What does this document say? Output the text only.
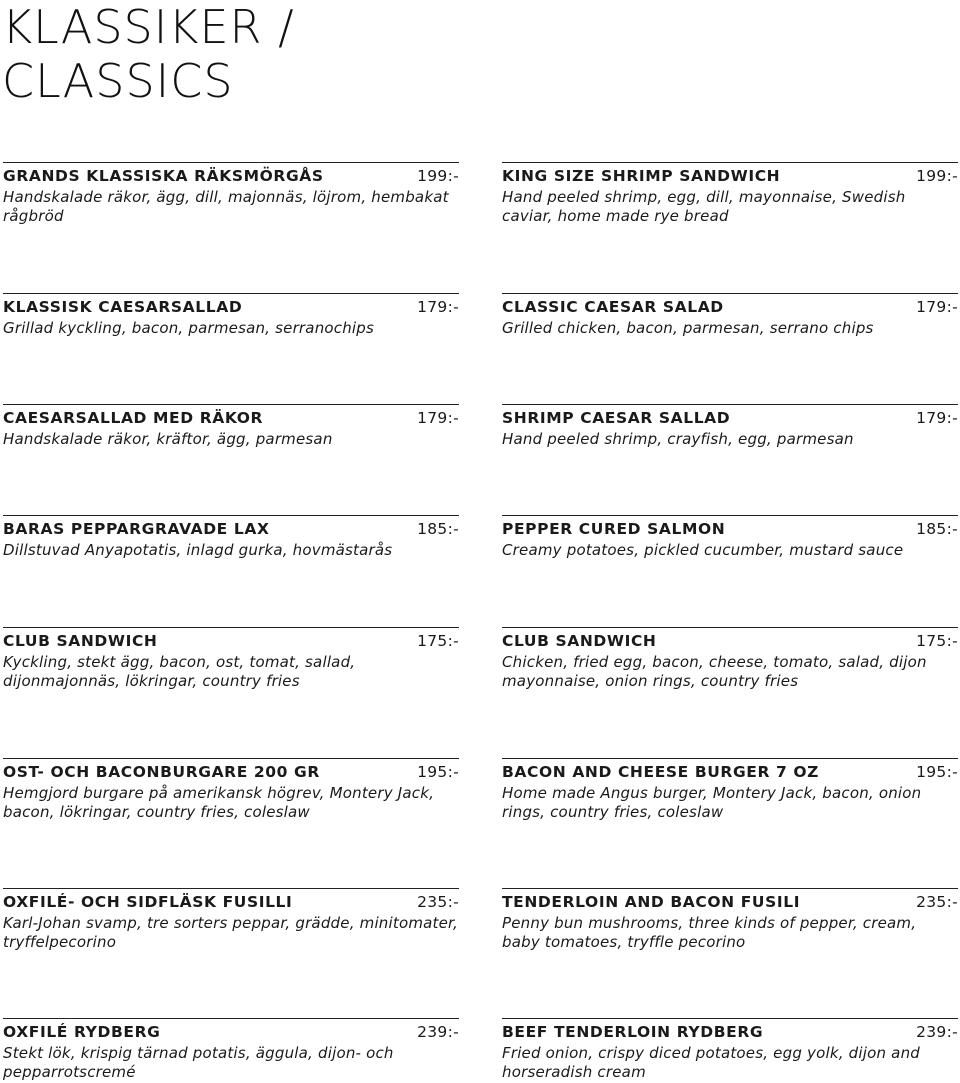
KLASSIKER /
CLASSICS
GRANDS KLASSISKA RÄKSMÖRGÅS	199:-
Handskalade räkor, ägg, dill, majonnäs, löjrom, hembakat rågbröd
KING SIZE SHRIMP SANDWICH	199:-
Hand peeled shrimp, egg, dill, mayonnaise, Swedish caviar, home made rye bread
KLASSISK CAESARSALLAD	179:-
Grillad kyckling, bacon, parmesan, serranochips
CLASSIC CAESAR SALAD	179:-
Grilled chicken, bacon, parmesan, serrano chips
CAESARSALLAD MED RÄKOR	179:-
Handskalade räkor, kräftor, ägg, parmesan
SHRIMP CAESAR SALLAD	179:-
Hand peeled shrimp, crayfish, egg, parmesan
BARAS PEPPARGRAVADE LAX	185:-
Dillstuvad Anyapotatis, inlagd gurka, hovmästarås
PEPPER CURED SALMON	185:-
Creamy potatoes, pickled cucumber, mustard sauce
CLUB SANDWICH	175:-
Kyckling, stekt ägg, bacon, ost, tomat, sallad, dijonmajonnäs, lökringar, country fries
CLUB SANDWICH	175:-
Chicken, fried egg, bacon, cheese, tomato, salad, dijon mayonnaise, onion rings, country fries
OST- OCH BACONBURGARE 200 GR	195:-
Hemgjord burgare på amerikansk högrev, Montery Jack, bacon, lökringar, country fries, coleslaw
BACON AND CHEESE BURGER 7 OZ	195:-
Home made Angus burger, Montery Jack, bacon, onion rings, country fries, coleslaw
OXFILÉ- OCH SIDFLÄSK FUSILLI	235:-
Karl-Johan svamp, tre sorters peppar, grädde, minitomater, tryffelpecorino
TENDERLOIN AND BACON FUSILI	235:-
Penny bun mushrooms, three kinds of pepper, cream, baby tomatoes, tryffle pecorino
OXFILÉ RYDBERG	239:-
Stekt lök, krispig tärnad potatis, äggula, dijon- och pepparrotscremé
BEEF TENDERLOIN RYDBERG	239:-
Fried onion, crispy diced potatoes, egg yolk, dijon and horseradish cream
